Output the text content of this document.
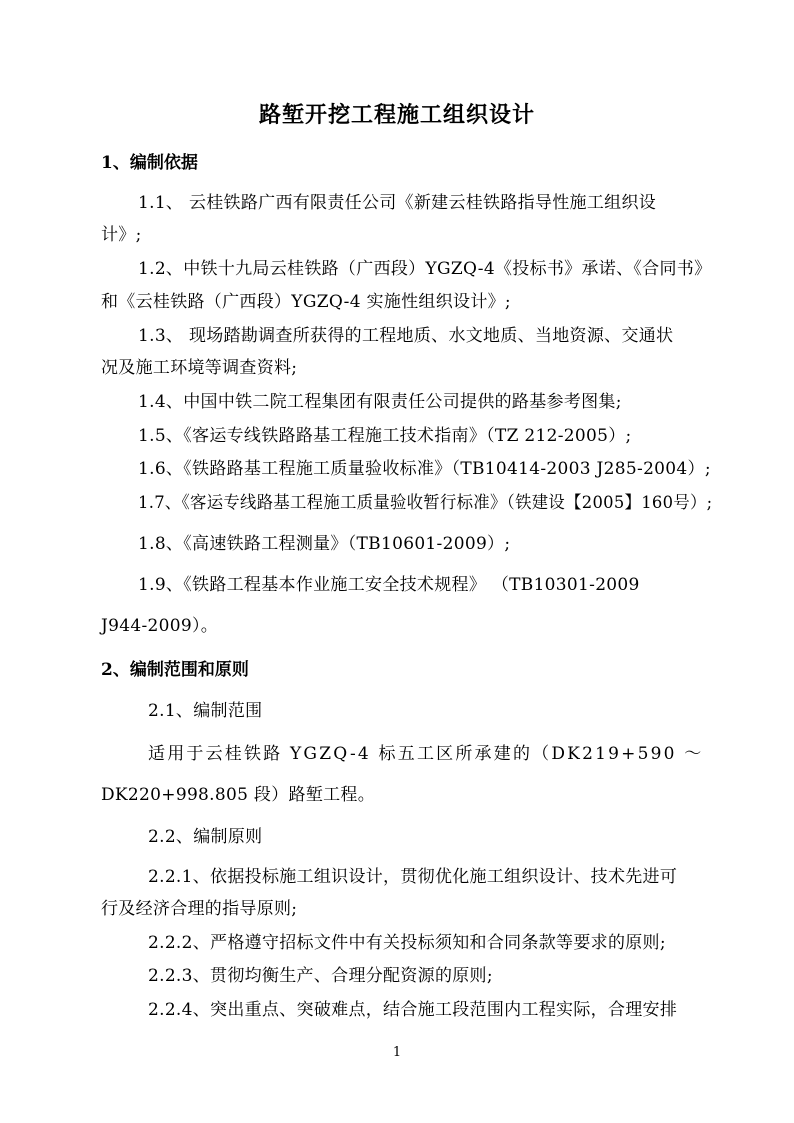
路堑开挖工程施工组织设计
1、编制依据
1.1、 云桂铁路广西有限责任公司《新建云桂铁路指导性施工组织设
计》;
1.2、中铁十九局云桂铁路（广西段）YGZQ-4《投标书》承诺、《合同书》
和《云桂铁路（广西段）YGZQ-4 实施性组织设计》;
1.3、 现场踏勘调查所获得的工程地质、水文地质、当地资源、交通状
况及施工环境等调查资料;
1.4、中国中铁二院工程集团有限责任公司提供的路基参考图集;
1.5、《客运专线铁路路基工程施工技术指南》（TZ 212-2005）;
1.6、《铁路路基工程施工质量验收标准》（TB10414-2003 J285-2004）;
1.7、《客运专线路基工程施工质量验收暂行标准》（铁建设【2005】160号）;
1.8、《高速铁路工程测量》（TB10601-2009）;
1.9、《铁路工程基本作业施工安全技术规程》 （TB10301-2009
J944-2009）。
2、编制范围和原则
2.1、编制范围
适用于云桂铁路 YGZQ-4 标五工区所承建的（DK219+590 ～
DK220+998.805 段）路堑工程。
2.2、编制原则
2.2.1、依据投标施工组识设计，贯彻优化施工组织设计、技术先进可
行及经济合理的指导原则;
2.2.2、严格遵守招标文件中有关投标须知和合同条款等要求的原则;
2.2.3、贯彻均衡生产、合理分配资源的原则;
2.2.4、突出重点、突破难点，结合施工段范围内工程实际，合理安排
1
